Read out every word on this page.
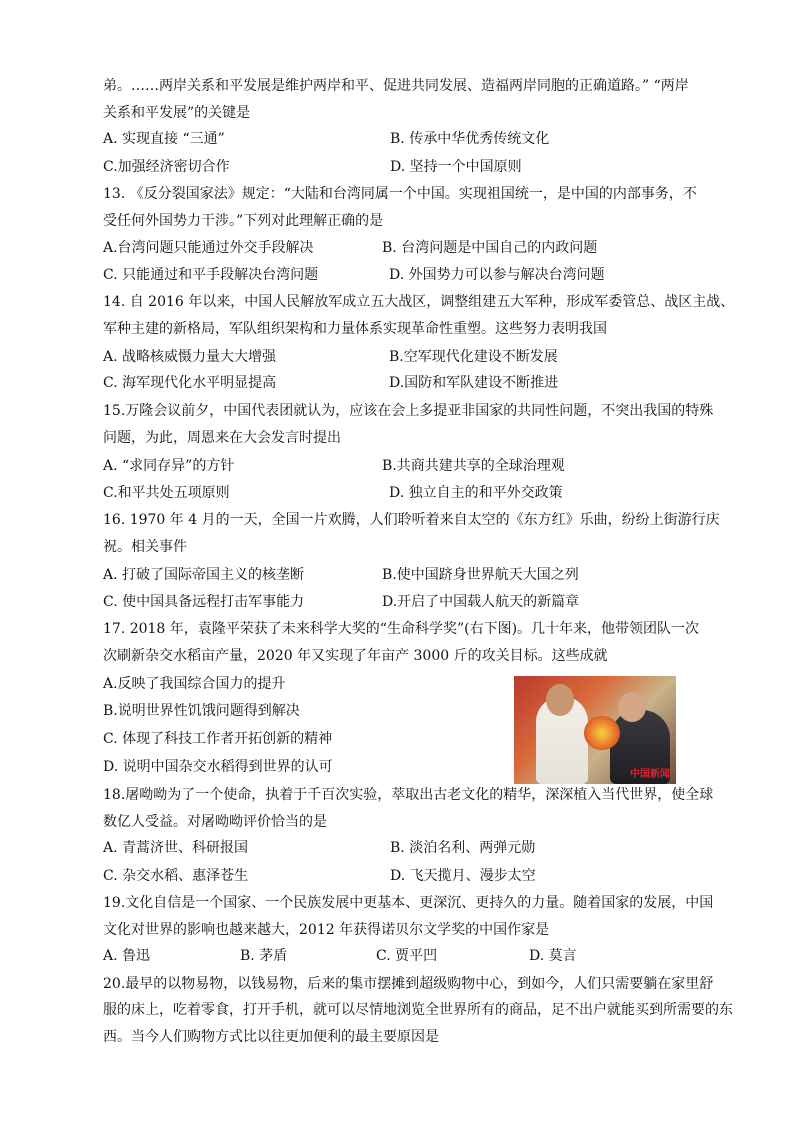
弟。……两岸关系和平发展是维护两岸和平、促进共同发展、造福两岸同胞的正确道路。” “两岸
关系和平发展”的关键是
A. 实现直接 “三通”	B. 传承中华优秀传统文化
C.加强经济密切合作	D. 坚持一个中国原则
13. 《反分裂国家法》规定：“大陆和台湾同属一个中国。实现祖国统一，是中国的内部事务，不
受任何外国势力干涉。”下列对此理解正确的是
A.台湾问题只能通过外交手段解决	B. 台湾问题是中国自己的内政问题
C. 只能通过和平手段解决台湾问题	D. 外国势力可以参与解决台湾问题
14. 自 2016 年以来，中国人民解放军成立五大战区，调整组建五大军种，形成军委管总、战区主战、
军种主建的新格局，军队组织架构和力量体系实现革命性重塑。这些努力表明我国
A. 战略核威慑力量大大增强	B.空军现代化建设不断发展
C. 海军现代化水平明显提高	D.国防和军队建设不断推进
15.万隆会议前夕，中国代表团就认为，应该在会上多提亚非国家的共同性问题，不突出我国的特殊
问题，为此，周恩来在大会发言时提出
A. “求同存异”的方针	B.共商共建共享的全球治理观
C.和平共处五项原则	D. 独立自主的和平外交政策
16. 1970 年 4 月的一天，全国一片欢腾，人们聆听着来自太空的《东方红》乐曲，纷纷上街游行庆
祝。相关事件
A. 打破了国际帝国主义的核垄断	B.使中国跻身世界航天大国之列
C. 使中国具备远程打击军事能力	D.开启了中国载人航天的新篇章
17. 2018 年，袁隆平荣获了未来科学大奖的“生命科学奖”(右下图)。几十年来，他带领团队一次
次刷新杂交水稻亩产量，2020 年又实现了年亩产 3000 斤的攻关目标。这些成就
A.反映了我国综合国力的提升
B.说明世界性饥饿问题得到解决
C. 体现了科技工作者开拓创新的精神
D. 说明中国杂交水稻得到世界的认可	中国新闻
18.屠呦呦为了一个使命，执着于千百次实验，萃取出古老文化的精华，深深植入当代世界，使全球
数亿人受益。对屠呦呦评价恰当的是
A. 青蒿济世、科研报国	B. 淡泊名利、两弹元勋
C. 杂交水稻、惠泽苍生	D. 飞天揽月、漫步太空
19.文化自信是一个国家、一个民族发展中更基本、更深沉、更持久的力量。随着国家的发展，中国
文化对世界的影响也越来越大，2012 年获得诺贝尔文学奖的中国作家是
A. 鲁迅	B. 茅盾	C. 贾平凹	D. 莫言
20.最早的以物易物，以钱易物，后来的集市摆摊到超级购物中心，到如今，人们只需要躺在家里舒
服的床上，吃着零食，打开手机，就可以尽情地浏览全世界所有的商品，足不出户就能买到所需要的东
西。当今人们购物方式比以往更加便利的最主要原因是
